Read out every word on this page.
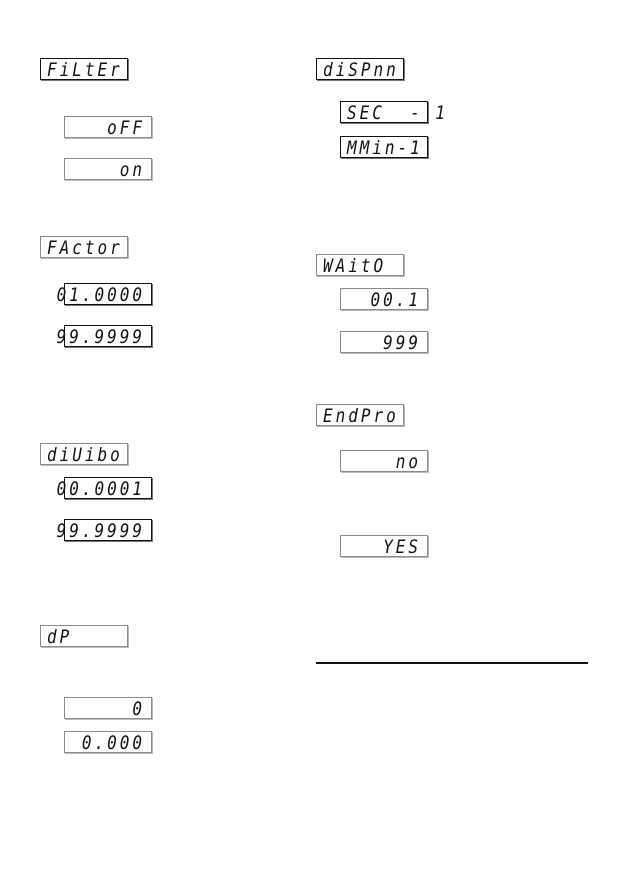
FiLtEr
oFF
on
FActor
01.0000
99.9999
diUibo
00.0001
99.9999
dP
0
0.000
diSPnn
SEC  - 1
MMin-1
WAitO
00.1
999
EndPro
no
YES
